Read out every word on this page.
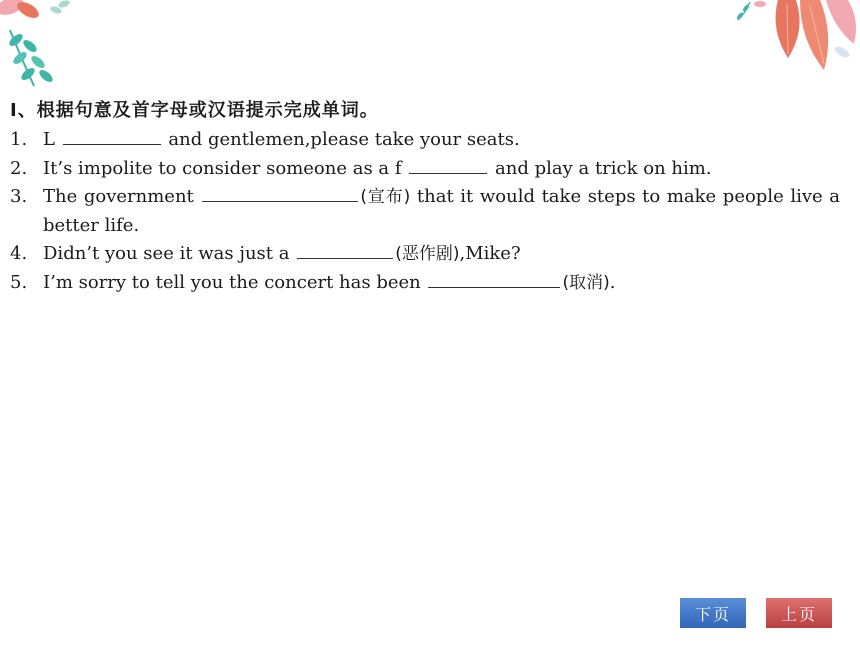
Ⅰ、根据句意及首字母或汉语提示完成单词。
1. L	and gentlemen,please take your seats.
2. It’s impolite to consider someone as a f	and play a trick on him.
3. The government	(宣布) that it would take steps to make people live a better life.
4. Didn’t you see it was just a	(恶作剧),Mike?
5. I’m sorry to tell you the concert has been	(取消).
下页	上页
